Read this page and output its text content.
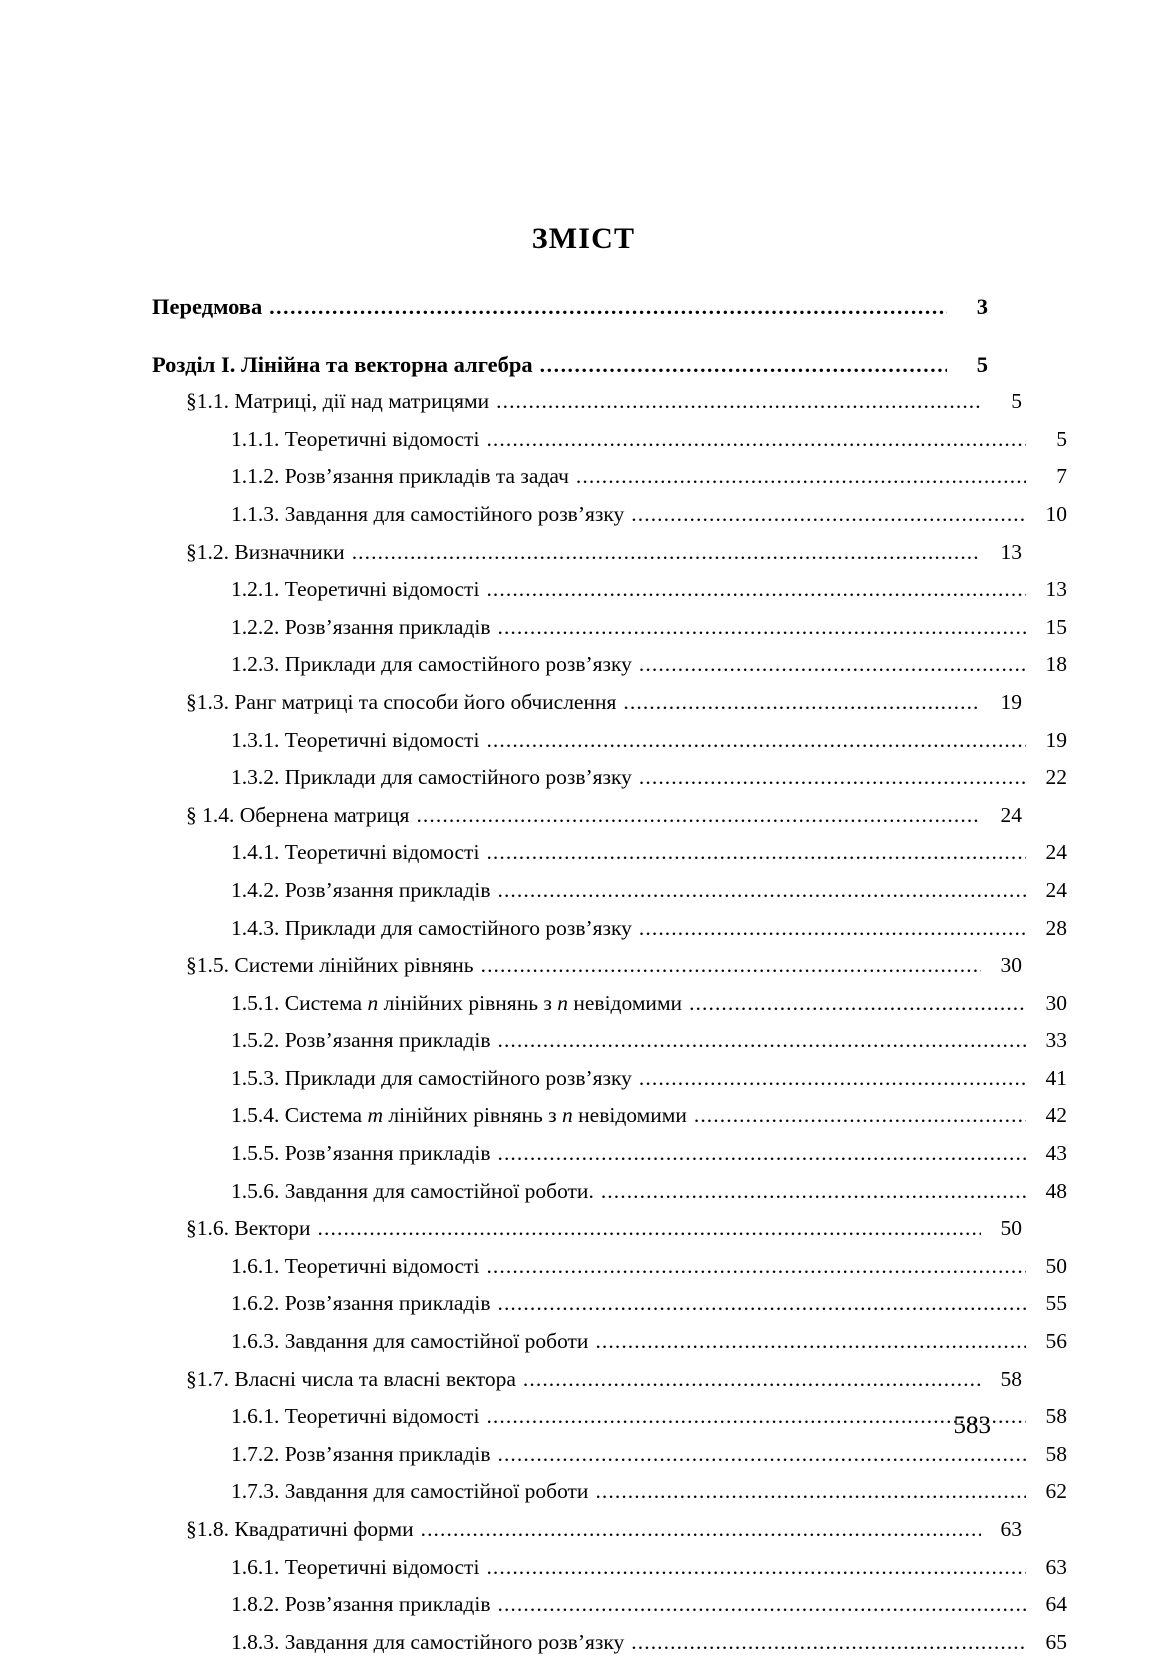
ЗМІСТ
Передмова .....	3
Розділ I. Лінійна та векторна алгебра .....	5
§1.1. Матриці, дії над матрицями .....	5
1.1.1. Теоретичні відомості .....	5
1.1.2. Розв’язання прикладів та задач .....	7
1.1.3. Завдання для самостійного розв’язку .....	10
§1.2. Визначники .....	13
1.2.1. Теоретичні відомості .....	13
1.2.2. Розв’язання прикладів .....	15
1.2.3. Приклади для самостійного розв’язку .....	18
§1.3. Ранг матриці та способи його обчислення .....	19
1.3.1. Теоретичні відомості .....	19
1.3.2. Приклади для самостійного розв’язку .....	22
§ 1.4. Обернена матриця .....	24
1.4.1. Теоретичні відомості .....	24
1.4.2. Розв’язання прикладів .....	24
1.4.3. Приклади для самостійного розв’язку .....	28
§1.5. Системи лінійних рівнянь .....	30
1.5.1. Система n лінійних рівнянь з n невідомими .....	30
1.5.2. Розв’язання прикладів .....	33
1.5.3. Приклади для самостійного розв’язку .....	41
1.5.4. Система m лінійних рівнянь з n невідомими .....	42
1.5.5. Розв’язання прикладів .....	43
1.5.6. Завдання для самостійної роботи. .....	48
§1.6. Вектори .....	50
1.6.1. Теоретичні відомості .....	50
1.6.2. Розв’язання прикладів .....	55
1.6.3. Завдання для самостійної роботи .....	56
§1.7. Власні числа та власні вектора .....	58
1.6.1. Теоретичні відомості .....	58
1.7.2. Розв’язання прикладів .....	58
1.7.3. Завдання для самостійної роботи .....	62
§1.8. Квадратичні форми .....	63
1.6.1. Теоретичні відомості .....	63
1.8.2. Розв’язання прикладів .....	64
1.8.3. Завдання для самостійного розв’язку .....	65
583
